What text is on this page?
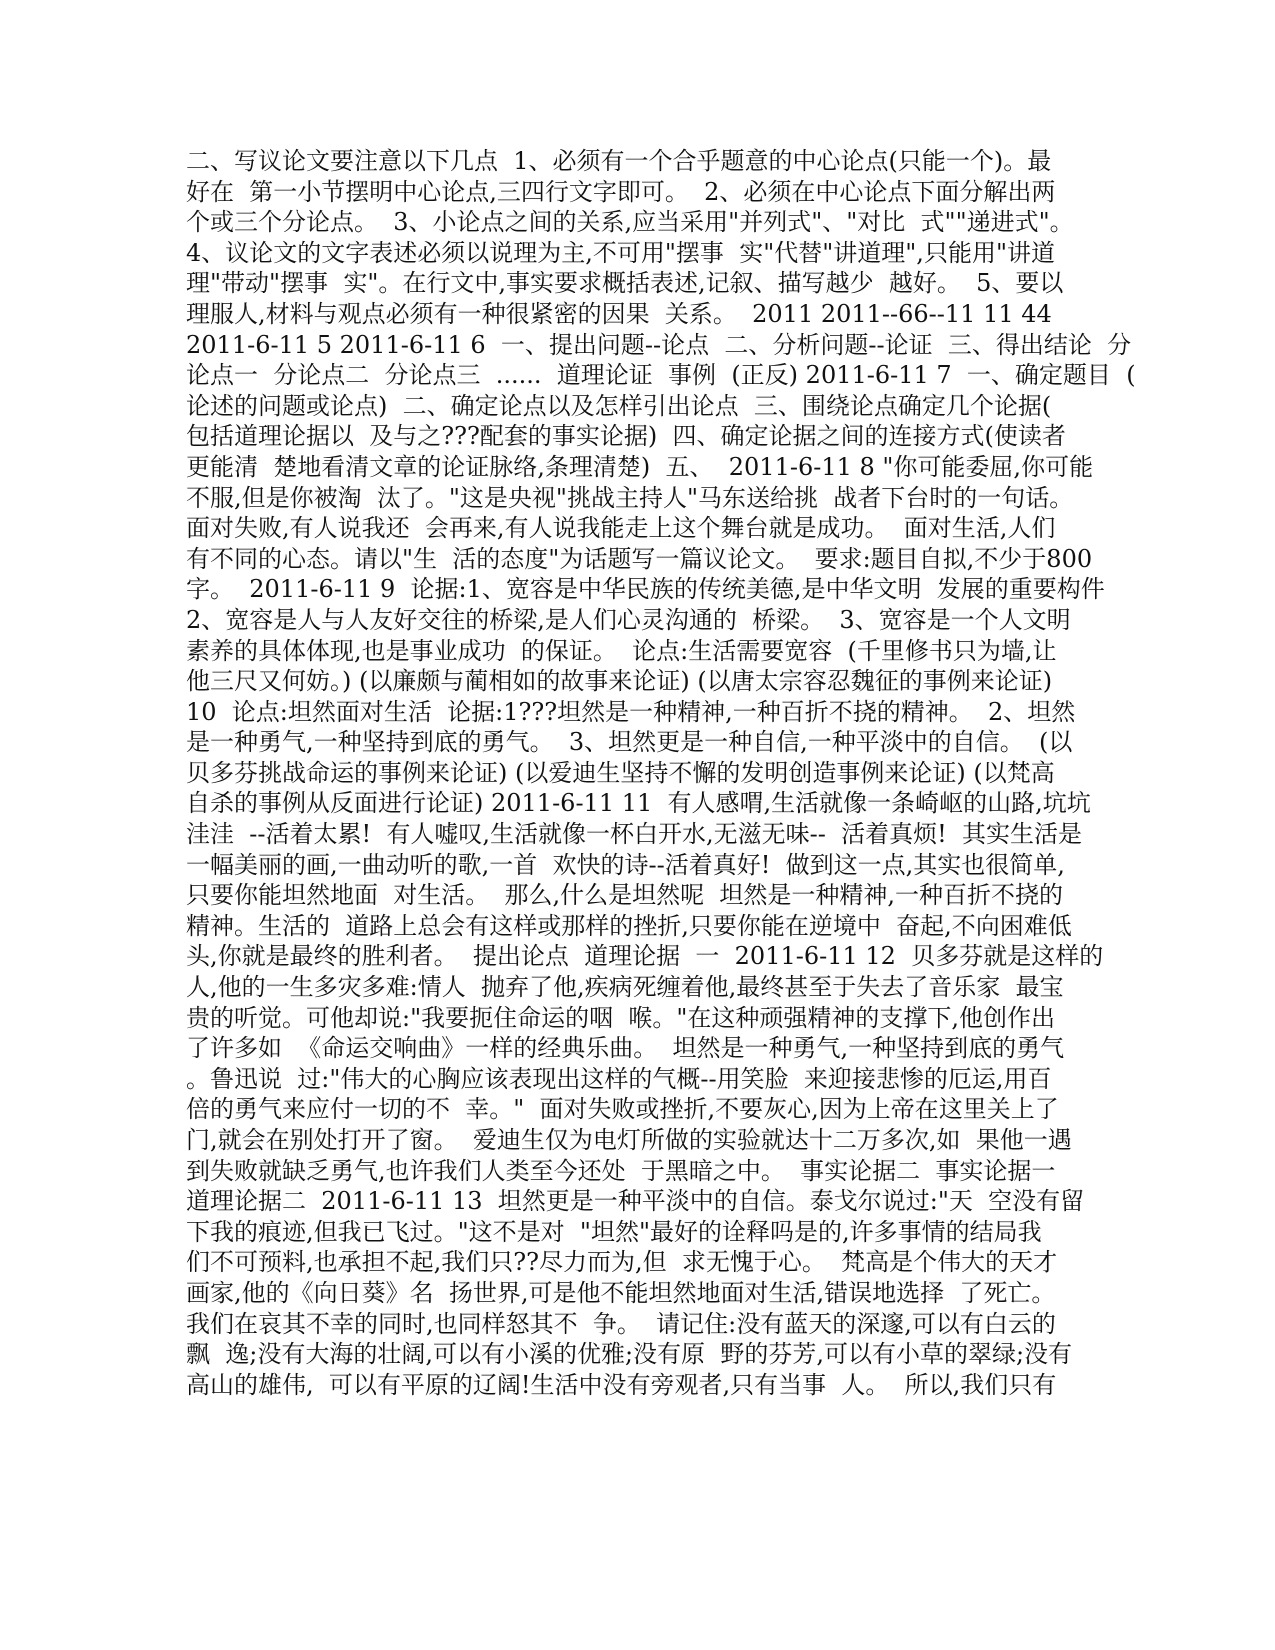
二、写议论文要注意以下几点  1、必须有一个合乎题意的中心论点(只能一个)。最
好在  第一小节摆明中心论点,三四行文字即可。  2、必须在中心论点下面分解出两
个或三个分论点。  3、小论点之间的关系,应当采用"并列式"、"对比  式""递进式"。
4、议论文的文字表述必须以说理为主,不可用"摆事  实"代替"讲道理",只能用"讲道
理"带动"摆事  实"。在行文中,事实要求概括表述,记叙、描写越少  越好。  5、要以
理服人,材料与观点必须有一种很紧密的因果  关系。  2011 2011--66--11 11 44
2011-6-11 5 2011-6-11 6  一、提出问题--论点  二、分析问题--论证  三、得出结论  分
论点一  分论点二  分论点三  ......  道理论证  事例  (正反) 2011-6-11 7  一、确定题目  (
论述的问题或论点)  二、确定论点以及怎样引出论点  三、围绕论点确定几个论据(
包括道理论据以  及与之???配套的事实论据)  四、确定论据之间的连接方式(使读者
更能清  楚地看清文章的论证脉络,条理清楚)  五、  2011-6-11 8 "你可能委屈,你可能
不服,但是你被淘  汰了。"这是央视"挑战主持人"马东送给挑  战者下台时的一句话。
面对失败,有人说我还  会再来,有人说我能走上这个舞台就是成功。  面对生活,人们
有不同的心态。请以"生  活的态度"为话题写一篇议论文。  要求:题目自拟,不少于800
字。  2011-6-11 9  论据:1、宽容是中华民族的传统美德,是中华文明  发展的重要构件
2、宽容是人与人友好交往的桥梁,是人们心灵沟通的  桥梁。  3、宽容是一个人文明
素养的具体体现,也是事业成功  的保证。  论点:生活需要宽容  (千里修书只为墙,让
他三尺又何妨。) (以廉颇与蔺相如的故事来论证) (以唐太宗容忍魏征的事例来论证)
10  论点:坦然面对生活  论据:1???坦然是一种精神,一种百折不挠的精神。  2、坦然
是一种勇气,一种坚持到底的勇气。  3、坦然更是一种自信,一种平淡中的自信。  (以
贝多芬挑战命运的事例来论证) (以爱迪生坚持不懈的发明创造事例来论证) (以梵高
自杀的事例从反面进行论证) 2011-6-11 11  有人感喟,生活就像一条崎岖的山路,坑坑
洼洼  --活着太累!  有人嘘叹,生活就像一杯白开水,无滋无味--  活着真烦!  其实生活是
一幅美丽的画,一曲动听的歌,一首  欢快的诗--活着真好!  做到这一点,其实也很简单,
只要你能坦然地面  对生活。  那么,什么是坦然呢  坦然是一种精神,一种百折不挠的
精神。生活的  道路上总会有这样或那样的挫折,只要你能在逆境中  奋起,不向困难低
头,你就是最终的胜利者。  提出论点  道理论据  一  2011-6-11 12  贝多芬就是这样的
人,他的一生多灾多难:情人  抛弃了他,疾病死缠着他,最终甚至于失去了音乐家  最宝
贵的听觉。可他却说:"我要扼住命运的咽  喉。"在这种顽强精神的支撑下,他创作出
了许多如  《命运交响曲》一样的经典乐曲。  坦然是一种勇气,一种坚持到底的勇气
。鲁迅说  过:"伟大的心胸应该表现出这样的气概--用笑脸  来迎接悲惨的厄运,用百
倍的勇气来应付一切的不  幸。"  面对失败或挫折,不要灰心,因为上帝在这里关上了
门,就会在别处打开了窗。  爱迪生仅为电灯所做的实验就达十二万多次,如  果他一遇
到失败就缺乏勇气,也许我们人类至今还处  于黑暗之中。  事实论据二  事实论据一
道理论据二  2011-6-11 13  坦然更是一种平淡中的自信。泰戈尔说过:"天  空没有留
下我的痕迹,但我已飞过。"这不是对  "坦然"最好的诠释吗是的,许多事情的结局我
们不可预料,也承担不起,我们只??尽力而为,但  求无愧于心。  梵高是个伟大的天才
画家,他的《向日葵》名  扬世界,可是他不能坦然地面对生活,错误地选择  了死亡。
我们在哀其不幸的同时,也同样怒其不  争。  请记住:没有蓝天的深邃,可以有白云的
飘  逸;没有大海的壮阔,可以有小溪的优雅;没有原  野的芬芳,可以有小草的翠绿;没有
高山的雄伟,  可以有平原的辽阔!生活中没有旁观者,只有当事  人。  所以,我们只有
